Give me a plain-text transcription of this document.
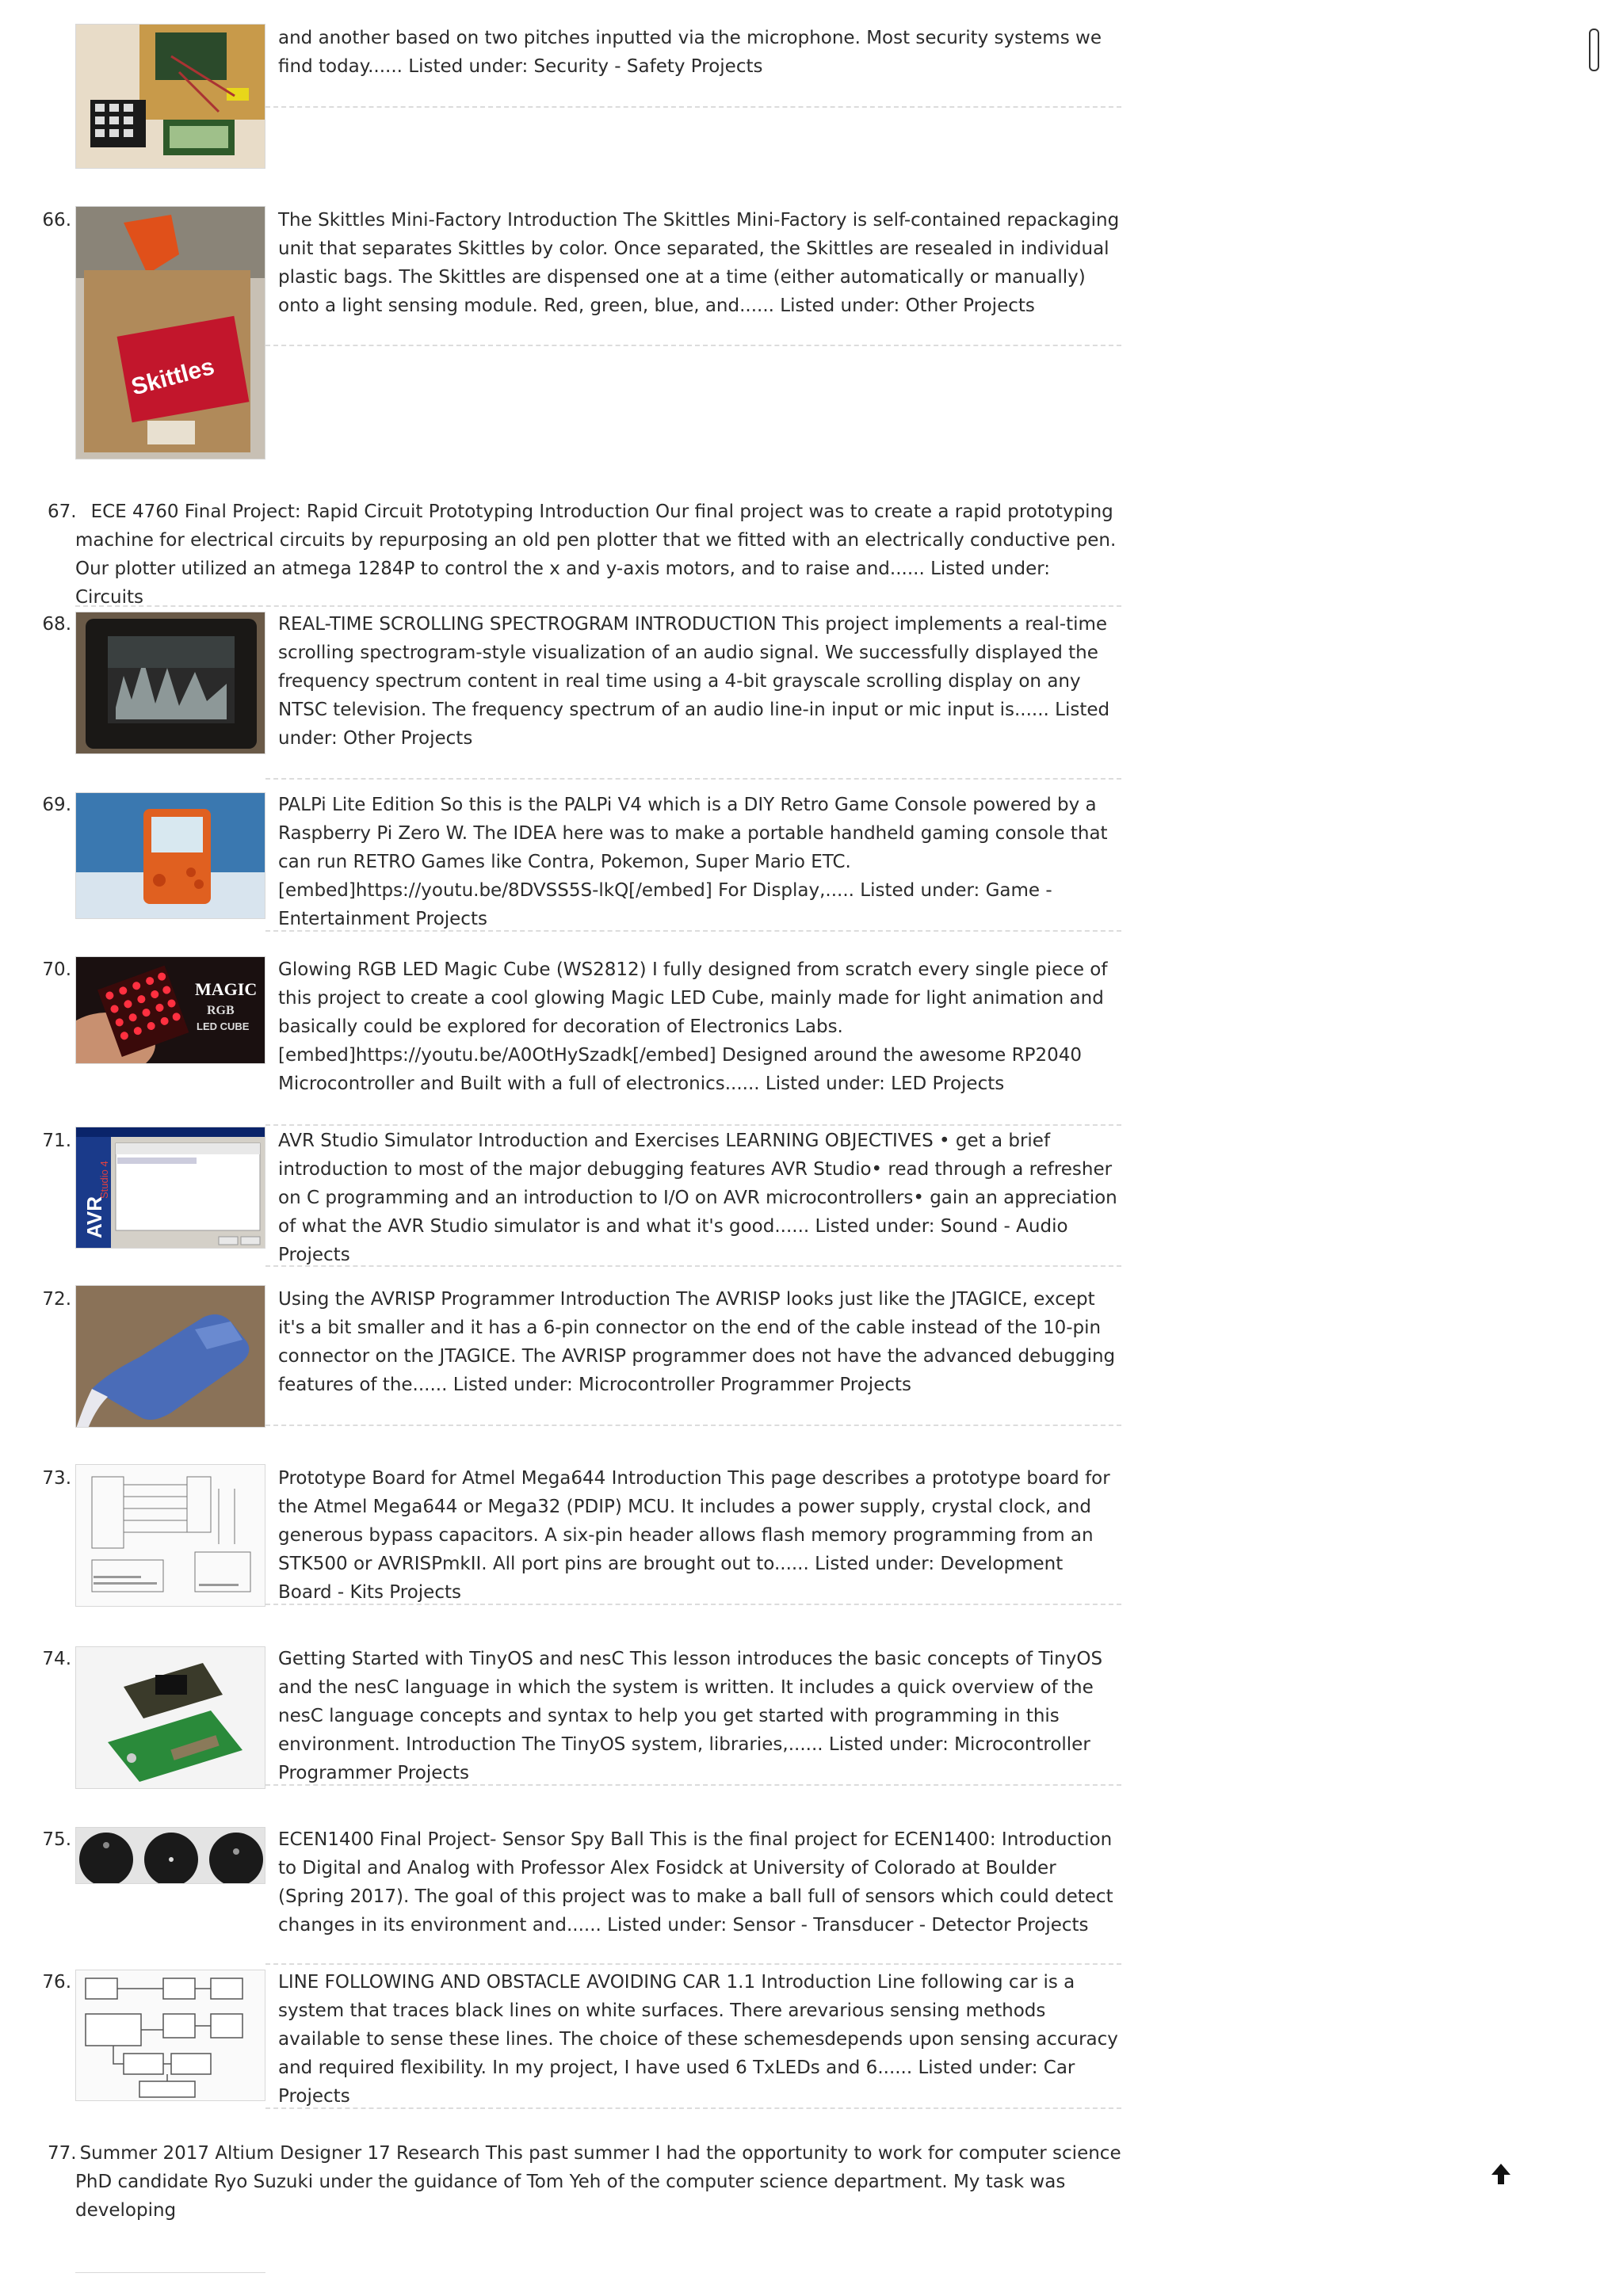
and another based on two pitches inputted via the microphone. Most security systems we find today...... Listed under: Security - Safety Projects
66.
Skittles
The Skittles Mini-Factory Introduction The Skittles Mini-Factory is self-contained repackaging unit that separates Skittles by color. Once separated, the Skittles are resealed in individual plastic bags. The Skittles are dispensed one at a time (either automatically or manually) onto a light sensing module. Red, green, blue, and...... Listed under: Other Projects
67. ECE 4760 Final Project: Rapid Circuit Prototyping Introduction Our final project was to create a rapid prototyping machine for electrical circuits by repurposing an old pen plotter that we fitted with an electrically conductive pen. Our plotter utilized an atmega 1284P to control the x and y-axis motors, and to raise and...... Listed under: Circuits
68.	REAL-TIME SCROLLING SPECTROGRAM INTRODUCTION This project implements a real-time scrolling spectrogram-style visualization of an audio signal. We successfully displayed the frequency spectrum content in real time using a 4-bit grayscale scrolling display on any NTSC television. The frequency spectrum of an audio line-in input or mic input is...... Listed under: Other Projects
69.	PALPi Lite Edition So this is the PALPi V4 which is a DIY Retro Game Console powered by a Raspberry Pi Zero W. The IDEA here was to make a portable handheld gaming console that can run RETRO Games like Contra, Pokemon, Super Mario ETC. [embed]https://youtu.be/8DVSS5S-lkQ[/embed] For Display,..... Listed under: Game - Entertainment Projects
70.
MAGIC
RGB
LED CUBE
Glowing RGB LED Magic Cube (WS2812) I fully designed from scratch every single piece of this project to create a cool glowing Magic LED Cube, mainly made for light animation and basically could be explored for decoration of Electronics Labs. [embed]https://youtu.be/A0OtHySzadk[/embed] Designed around the awesome RP2040 Microcontroller and Built with a full of electronics...... Listed under: LED Projects
71.
AVR
Studio 4
AVR Studio Simulator Introduction and Exercises LEARNING OBJECTIVES • get a brief introduction to most of the major debugging features AVR Studio• read through a refresher on C programming and an introduction to I/O on AVR microcontrollers• gain an appreciation of what the AVR Studio simulator is and what it's good...... Listed under: Sound - Audio Projects
72.	Using the AVRISP Programmer Introduction The AVRISP looks just like the JTAGICE, except it's a bit smaller and it has a 6-pin connector on the end of the cable instead of the 10-pin connector on the JTAGICE. The AVRISP programmer does not have the advanced debugging features of the...... Listed under: Microcontroller Programmer Projects
73.	Prototype Board for Atmel Mega644 Introduction This page describes a prototype board for the Atmel Mega644 or Mega32 (PDIP) MCU. It includes a power supply, crystal clock, and generous bypass capacitors. A six-pin header allows flash memory programming from an STK500 or AVRISPmkII. All port pins are brought out to...... Listed under: Development Board - Kits Projects
74.	Getting Started with TinyOS and nesC This lesson introduces the basic concepts of TinyOS and the nesC language in which the system is written. It includes a quick overview of the nesC language concepts and syntax to help you get started with programming in this environment. Introduction The TinyOS system, libraries,...... Listed under: Microcontroller Programmer Projects
75.	ECEN1400 Final Project- Sensor Spy Ball This is the final project for ECEN1400: Introduction to Digital and Analog with Professor Alex Fosidck at University of Colorado at Boulder (Spring 2017). The goal of this project was to make a ball full of sensors which could detect changes in its environment and...... Listed under: Sensor - Transducer - Detector Projects
76.	LINE FOLLOWING AND OBSTACLE AVOIDING CAR 1.1 Introduction Line following car is a system that traces black lines on white surfaces. There arevarious sensing methods available to sense these lines. The choice of these schemesdepends upon sensing accuracy and required flexibility. In my project, I have used 6 TxLEDs and 6...... Listed under: Car Projects
77. Summer 2017 Altium Designer 17 Research This past summer I had the opportunity to work for computer science PhD candidate Ryo Suzuki under the guidance of Tom Yeh of the computer science department. My task was developing
